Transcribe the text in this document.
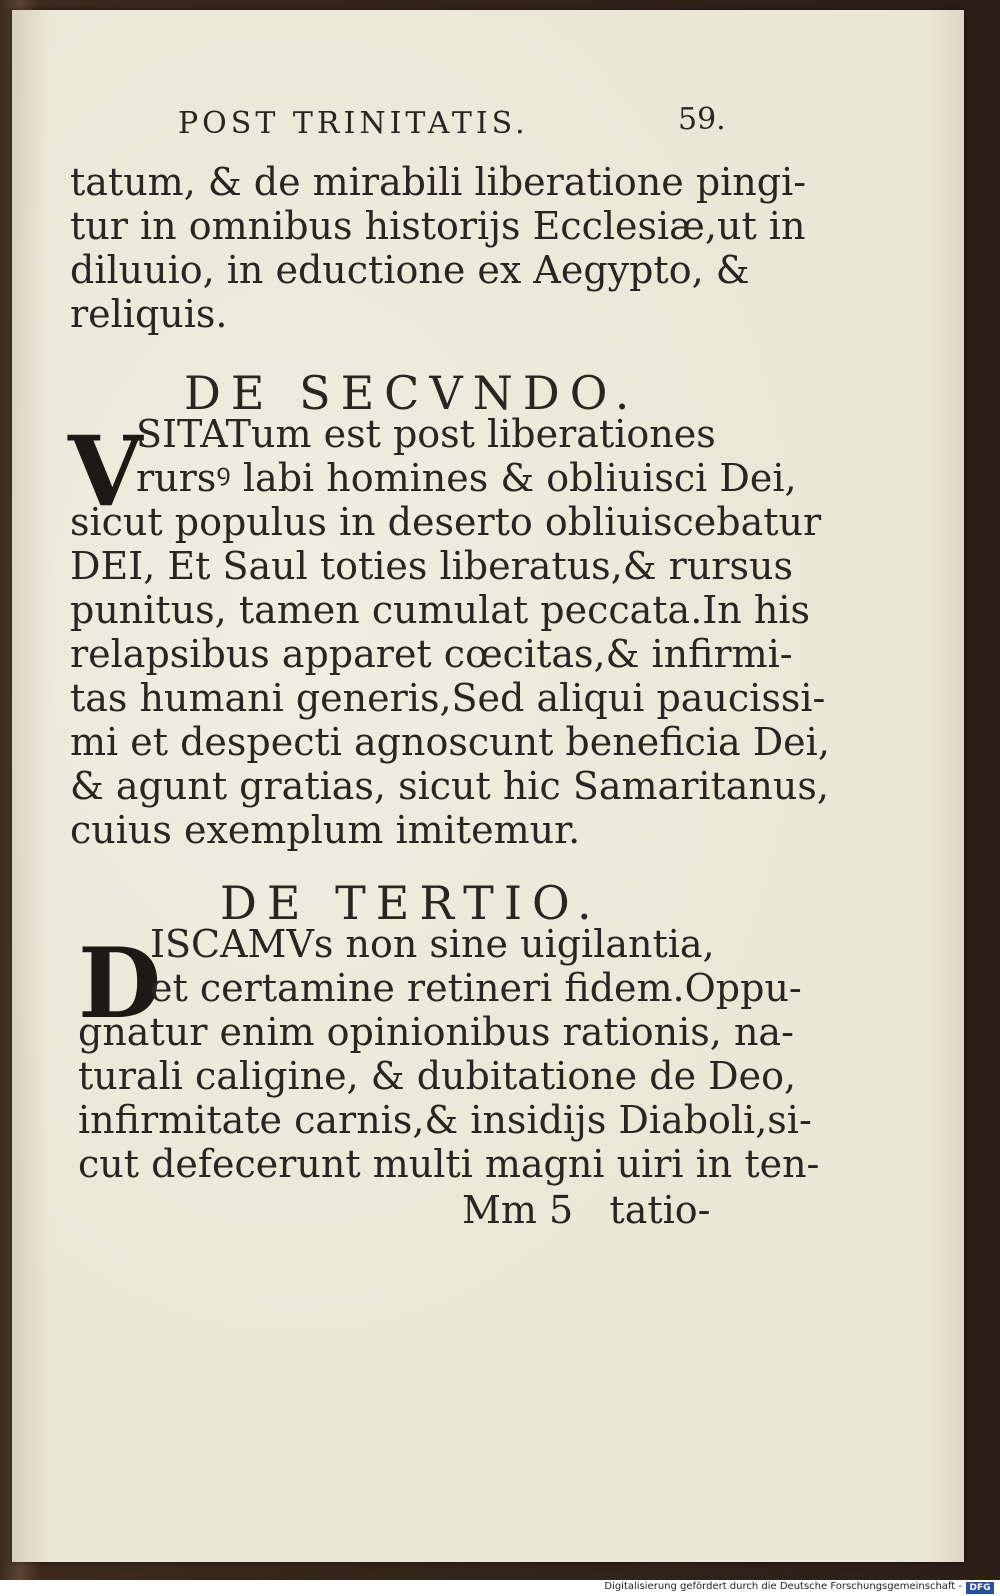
POST TRINITATIS.	59.
tatum, & de mirabili liberatione pingi-
tur in omnibus historijs Ecclesiæ,ut in
diluuio, in eductione ex Aegypto, &
reliquis.
DE SECVNDO.
V
SITATum est post liberationes
rursꝰ labi homines & obliuisci Dei,
sicut populus in deserto obliuiscebatur
DEI, Et Saul toties liberatus,& rursus
punitus, tamen cumulat peccata.In his
relapsibus apparet cœcitas,& infirmi-
tas humani generis,Sed aliqui paucissi-
mi et despecti agnoscunt beneficia Dei,
& agunt gratias, sicut hic Samaritanus,
cuius exemplum imitemur.
DE TERTIO.
D
ISCAMVs non sine uigilantia,
et certamine retineri fidem.Oppu-
gnatur enim opinionibus rationis, na-
turali caligine, & dubitatione de Deo,
infirmitate carnis,& insidijs Diaboli,si-
cut defecerunt multi magni uiri in ten-
Mm 5   tatio-
Digitalisierung gefördert durch die Deutsche Forschungsgemeinschaft - DFG
